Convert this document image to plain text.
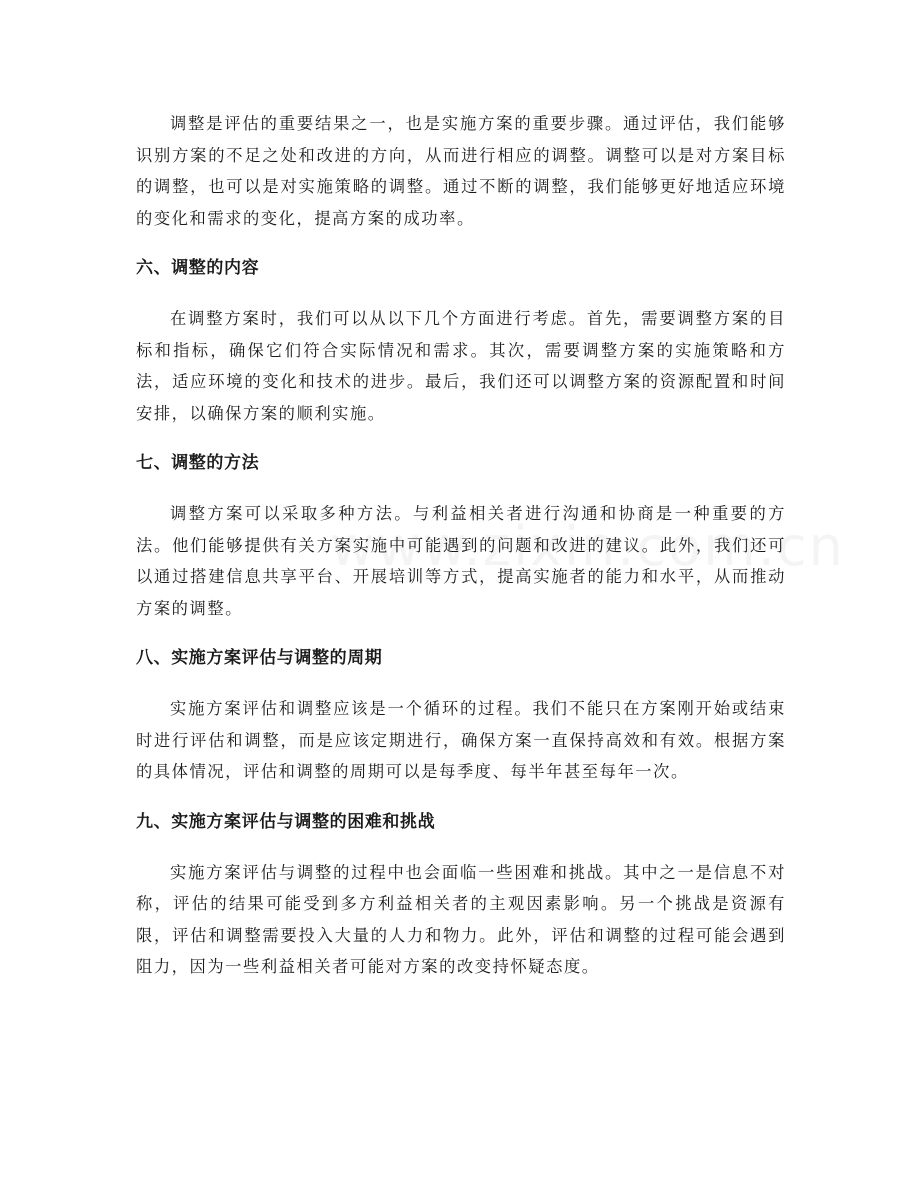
调整是评估的重要结果之一，也是实施方案的重要步骤。通过评估，我们能够识别方案的不足之处和改进的方向，从而进行相应的调整。调整可以是对方案目标的调整，也可以是对实施策略的调整。通过不断的调整，我们能够更好地适应环境的变化和需求的变化，提高方案的成功率。

六、调整的内容

在调整方案时，我们可以从以下几个方面进行考虑。首先，需要调整方案的目标和指标，确保它们符合实际情况和需求。其次，需要调整方案的实施策略和方法，适应环境的变化和技术的进步。最后，我们还可以调整方案的资源配置和时间安排，以确保方案的顺利实施。

七、调整的方法

调整方案可以采取多种方法。与利益相关者进行沟通和协商是一种重要的方法。他们能够提供有关方案实施中可能遇到的问题和改进的建议。此外，我们还可以通过搭建信息共享平台、开展培训等方式，提高实施者的能力和水平，从而推动方案的调整。

八、实施方案评估与调整的周期

实施方案评估和调整应该是一个循环的过程。我们不能只在方案刚开始或结束时进行评估和调整，而是应该定期进行，确保方案一直保持高效和有效。根据方案的具体情况，评估和调整的周期可以是每季度、每半年甚至每年一次。

九、实施方案评估与调整的困难和挑战

实施方案评估与调整的过程中也会面临一些困难和挑战。其中之一是信息不对称，评估的结果可能受到多方利益相关者的主观因素影响。另一个挑战是资源有限，评估和调整需要投入大量的人力和物力。此外，评估和调整的过程可能会遇到阻力，因为一些利益相关者可能对方案的改变持怀疑态度。
